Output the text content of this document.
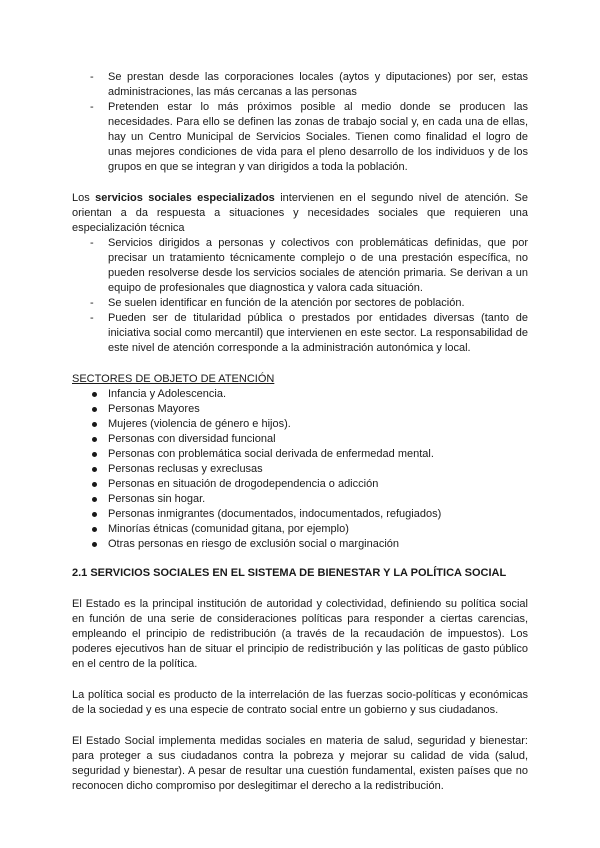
- Se prestan desde las corporaciones locales (aytos y diputaciones) por ser, estas administraciones, las más cercanas a las personas
- Pretenden estar lo más próximos posible al medio donde se producen las necesidades. Para ello se definen las zonas de trabajo social y, en cada una de ellas, hay un Centro Municipal de Servicios Sociales. Tienen como finalidad el logro de unas mejores condiciones de vida para el pleno desarrollo de los individuos y de los grupos en que se integran y van dirigidos a toda la población.

Los servicios sociales especializados intervienen en el segundo nivel de atención. Se orientan a da respuesta a situaciones y necesidades sociales que requieren una especialización técnica

- Servicios dirigidos a personas y colectivos con problemáticas definidas, que por precisar un tratamiento técnicamente complejo o de una prestación específica, no pueden resolverse desde los servicios sociales de atención primaria. Se derivan a un equipo de profesionales que diagnostica y valora cada situación.
- Se suelen identificar en función de la atención por sectores de población.
- Pueden ser de titularidad pública o prestados por entidades diversas (tanto de iniciativa social como mercantil) que intervienen en este sector. La responsabilidad de este nivel de atención corresponde a la administración autonómica y local.

SECTORES DE OBJETO DE ATENCIÓN

Infancia y Adolescencia.
Personas Mayores
Mujeres (violencia de género e hijos).
Personas con diversidad funcional
Personas con problemática social derivada de enfermedad mental.
Personas reclusas y exreclusas
Personas en situación de drogodependencia o adicción
Personas sin hogar.
Personas inmigrantes (documentados, indocumentados, refugiados)
Minorías étnicas (comunidad gitana, por ejemplo)
Otras personas en riesgo de exclusión social o marginación

2.1 SERVICIOS SOCIALES EN EL SISTEMA DE BIENESTAR Y LA POLÍTICA SOCIAL

El Estado es la principal institución de autoridad y colectividad, definiendo su política social en función de una serie de consideraciones políticas para responder a ciertas carencias, empleando el principio de redistribución (a través de la recaudación de impuestos). Los poderes ejecutivos han de situar el principio de redistribución y las políticas de gasto público en el centro de la política.

La política social es producto de la interrelación de las fuerzas socio-políticas y económicas de la sociedad y es una especie de contrato social entre un gobierno y sus ciudadanos.

El Estado Social implementa medidas sociales en materia de salud, seguridad y bienestar: para proteger a sus ciudadanos contra la pobreza y mejorar su calidad de vida (salud, seguridad y bienestar). A pesar de resultar una cuestión fundamental, existen países que no reconocen dicho compromiso por deslegitimar el derecho a la redistribución.
